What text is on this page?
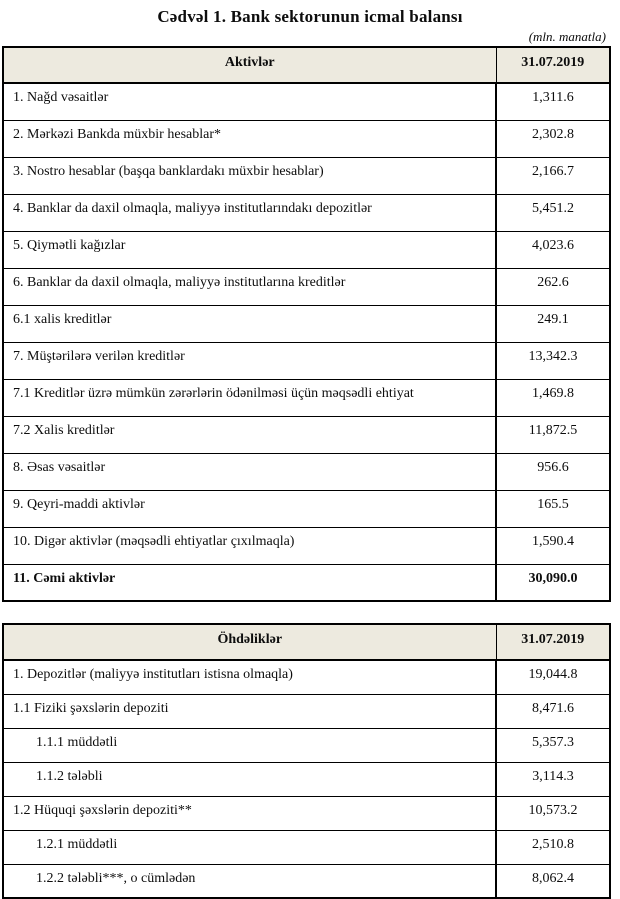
Cədvəl 1. Bank sektorunun icmal balansı
(mln. manatla)
Aktivlər	31.07.2019
1. Nağd vəsaitlər	1,311.6
2. Mərkəzi Bankda müxbir hesablar*	2,302.8
3. Nostro hesablar (başqa banklardakı müxbir hesablar)	2,166.7
4. Banklar da daxil olmaqla, maliyyə institutlarındakı depozitlər	5,451.2
5. Qiymətli kağızlar	4,023.6
6. Banklar da daxil olmaqla, maliyyə institutlarına kreditlər	262.6
6.1 xalis kreditlər	249.1
7. Müştərilərə verilən kreditlər	13,342.3
7.1 Kreditlər üzrə mümkün zərərlərin ödənilməsi üçün məqsədli ehtiyat	1,469.8
7.2 Xalis kreditlər	11,872.5
8. Əsas vəsaitlər	956.6
9. Qeyri-maddi aktivlər	165.5
10. Digər aktivlər (məqsədli ehtiyatlar çıxılmaqla)	1,590.4
11. Cəmi aktivlər	30,090.0
Öhdəliklər	31.07.2019
1. Depozitlər (maliyyə institutları istisna olmaqla)	19,044.8
1.1 Fiziki şəxslərin depoziti	8,471.6
1.1.1 müddətli	5,357.3
1.1.2 tələbli	3,114.3
1.2 Hüquqi şəxslərin depoziti**	10,573.2
1.2.1 müddətli	2,510.8
1.2.2 tələbli***, o cümlədən	8,062.4
